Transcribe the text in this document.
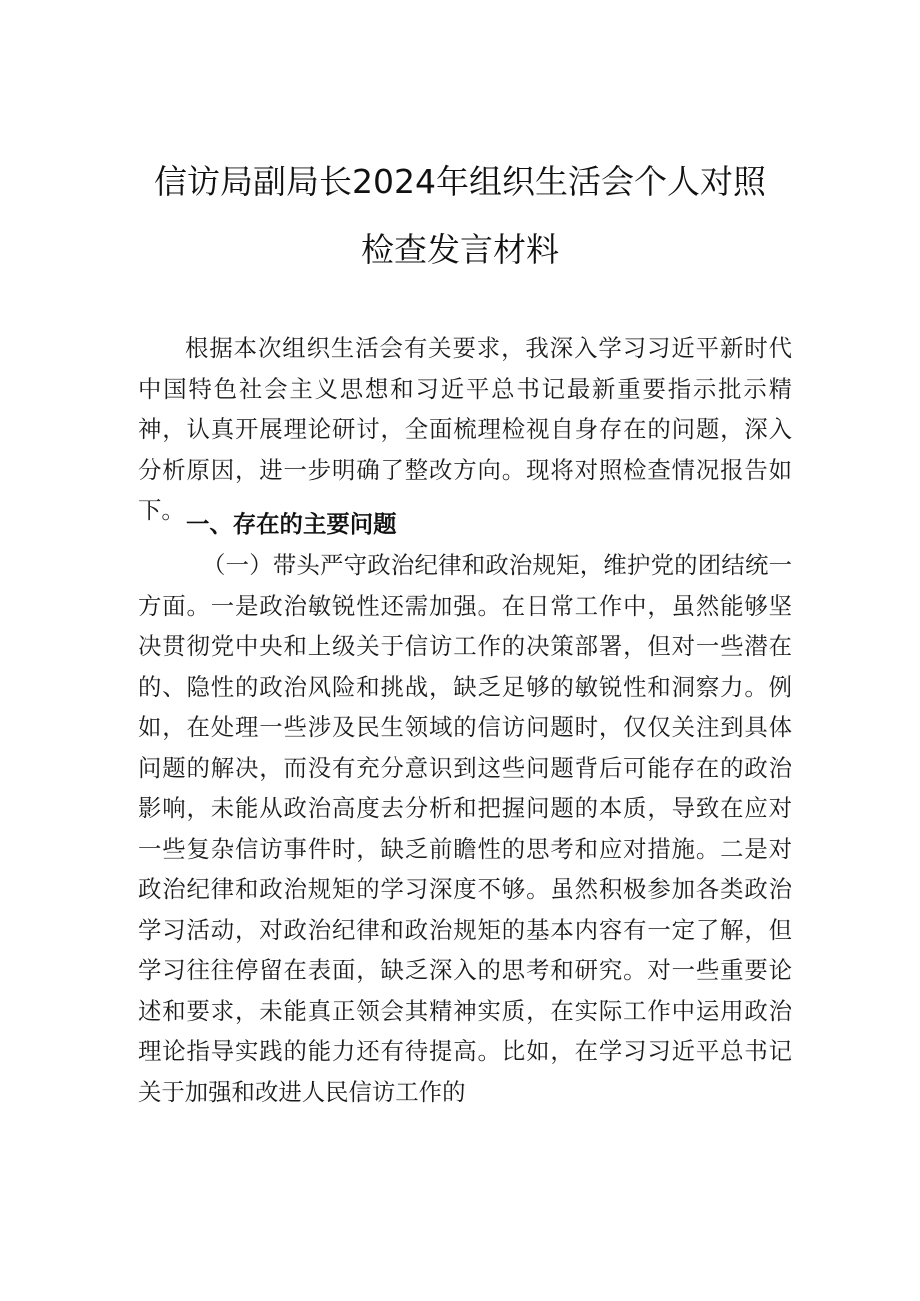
信访局副局长2024年组织生活会个人对照
检查发言材料

根据本次组织生活会有关要求，我深入学习习近平新时代中国特色社会主义思想和习近平总书记最新重要指示批示精神，认真开展理论研讨，全面梳理检视自身存在的问题，深入分析原因，进一步明确了整改方向。现将对照检查情况报告如下。 一、存在的主要问题

（一）带头严守政治纪律和政治规矩，维护党的团结统一方面。一是政治敏锐性还需加强。在日常工作中，虽然能够坚决贯彻党中央和上级关于信访工作的决策部署，但对一些潜在的、隐性的政治风险和挑战，缺乏足够的敏锐性和洞察力。例如，在处理一些涉及民生领域的信访问题时，仅仅关注到具体问题的解决，而没有充分意识到这些问题背后可能存在的政治影响，未能从政治高度去分析和把握问题的本质，导致在应对一些复杂信访事件时，缺乏前瞻性的思考和应对措施。二是对政治纪律和政治规矩的学习深度不够。虽然积极参加各类政治学习活动，对政治纪律和政治规矩的基本内容有一定了解，但学习往往停留在表面，缺乏深入的思考和研究。对一些重要论述和要求，未能真正领会其精神实质，在实际工作中运用政治理论指导实践的能力还有待提高。比如，在学习习近平总书记关于加强和改进人民信访工作的
